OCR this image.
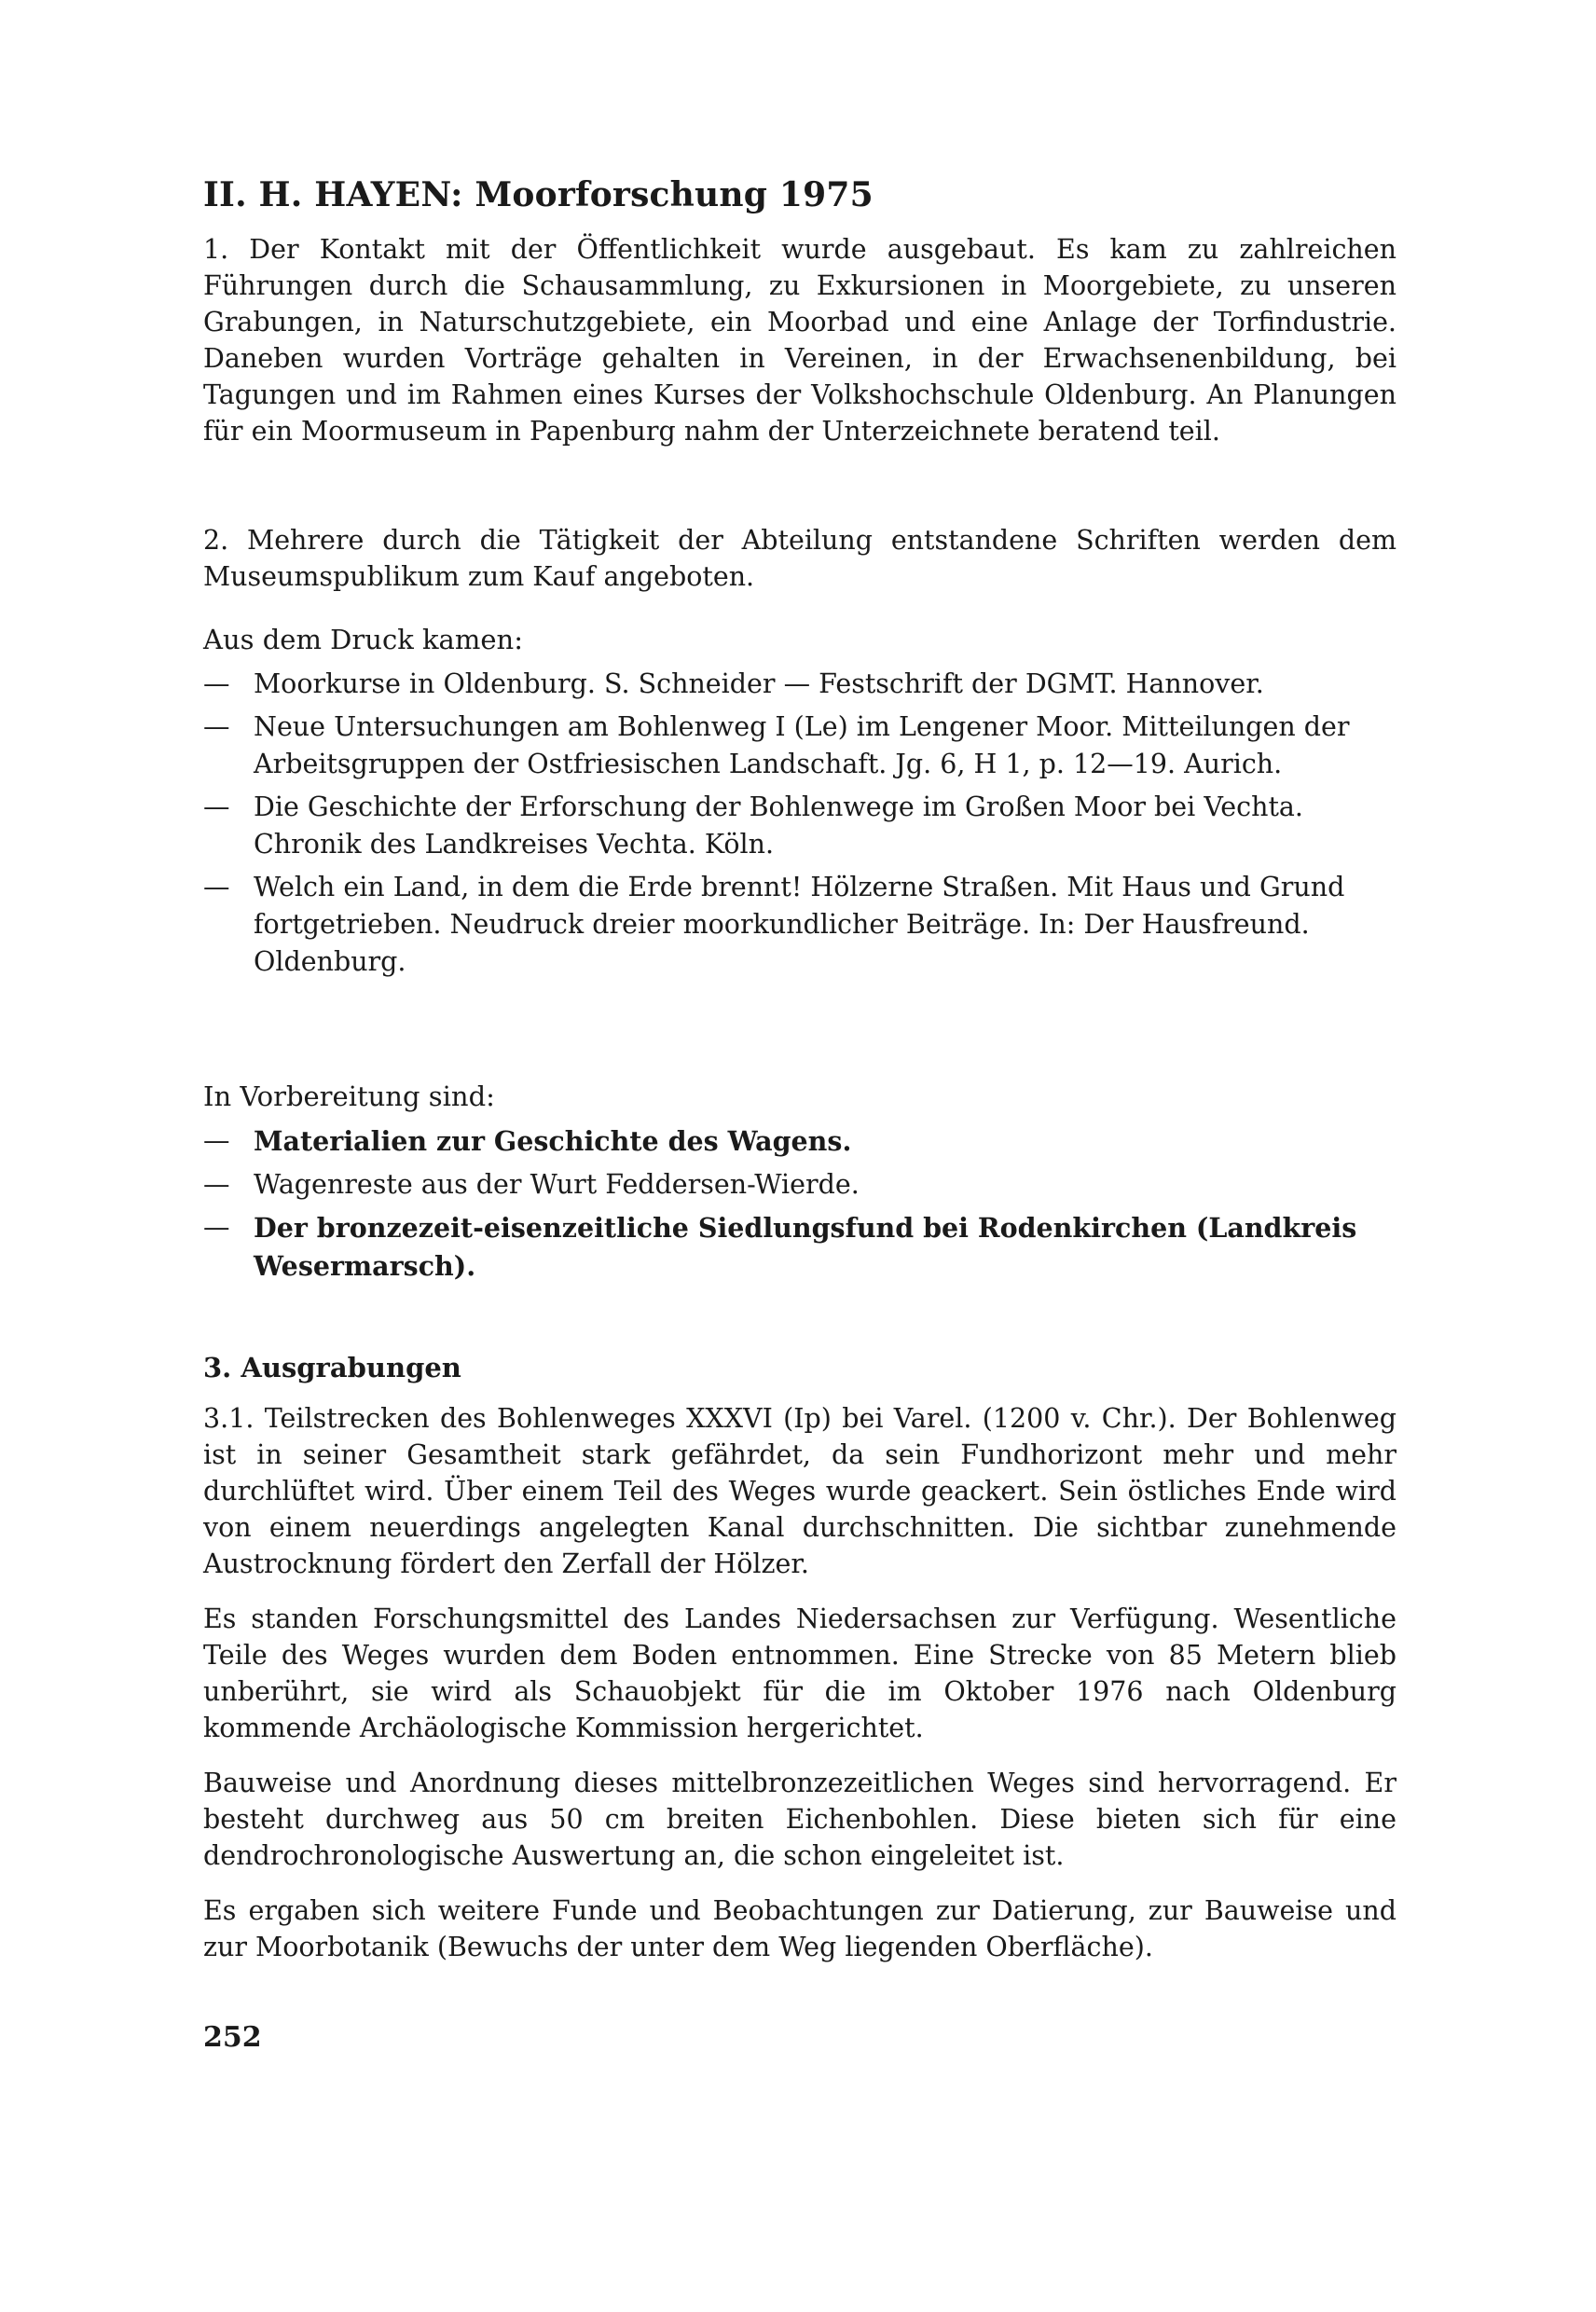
II. H. HAYEN: Moorforschung 1975

1. Der Kontakt mit der Öffentlichkeit wurde ausgebaut. Es kam zu zahlreichen Führungen durch die Schausammlung, zu Exkursionen in Moorgebiete, zu unseren Grabungen, in Naturschutzgebiete, ein Moorbad und eine Anlage der Torfindustrie. Daneben wurden Vorträge gehalten in Vereinen, in der Erwachsenenbildung, bei Tagungen und im Rahmen eines Kurses der Volkshochschule Oldenburg. An Planungen für ein Moormuseum in Papenburg nahm der Unterzeichnete beratend teil.

2. Mehrere durch die Tätigkeit der Abteilung entstandene Schriften werden dem Museumspublikum zum Kauf angeboten.

Aus dem Druck kamen:

— Moorkurse in Oldenburg. S. Schneider — Festschrift der DGMT. Hannover.
— Neue Untersuchungen am Bohlenweg I (Le) im Lengener Moor. Mitteilungen der Arbeitsgruppen der Ostfriesischen Landschaft. Jg. 6, H 1, p. 12—19. Aurich.
— Die Geschichte der Erforschung der Bohlenwege im Großen Moor bei Vechta. Chronik des Landkreises Vechta. Köln.
— Welch ein Land, in dem die Erde brennt! Hölzerne Straßen. Mit Haus und Grund fortgetrieben. Neudruck dreier moorkundlicher Beiträge. In: Der Hausfreund. Oldenburg.

In Vorbereitung sind:

— Materialien zur Geschichte des Wagens.
— Wagenreste aus der Wurt Feddersen-Wierde.
— Der bronzezeit-eisenzeitliche Siedlungsfund bei Rodenkirchen (Landkreis Wesermarsch).

3. Ausgrabungen

3.1. Teilstrecken des Bohlenweges XXXVI (Ip) bei Varel. (1200 v. Chr.). Der Bohlenweg ist in seiner Gesamtheit stark gefährdet, da sein Fundhorizont mehr und mehr durchlüftet wird. Über einem Teil des Weges wurde geackert. Sein östliches Ende wird von einem neuerdings angelegten Kanal durchschnitten. Die sichtbar zunehmende Austrocknung fördert den Zerfall der Hölzer.

Es standen Forschungsmittel des Landes Niedersachsen zur Verfügung. Wesentliche Teile des Weges wurden dem Boden entnommen. Eine Strecke von 85 Metern blieb unberührt, sie wird als Schauobjekt für die im Oktober 1976 nach Oldenburg kommende Archäologische Kommission hergerichtet.

Bauweise und Anordnung dieses mittelbronzezeitlichen Weges sind hervorragend. Er besteht durchweg aus 50 cm breiten Eichenbohlen. Diese bieten sich für eine dendrochronologische Auswertung an, die schon eingeleitet ist.

Es ergaben sich weitere Funde und Beobachtungen zur Datierung, zur Bauweise und zur Moorbotanik (Bewuchs der unter dem Weg liegenden Oberfläche).

252
